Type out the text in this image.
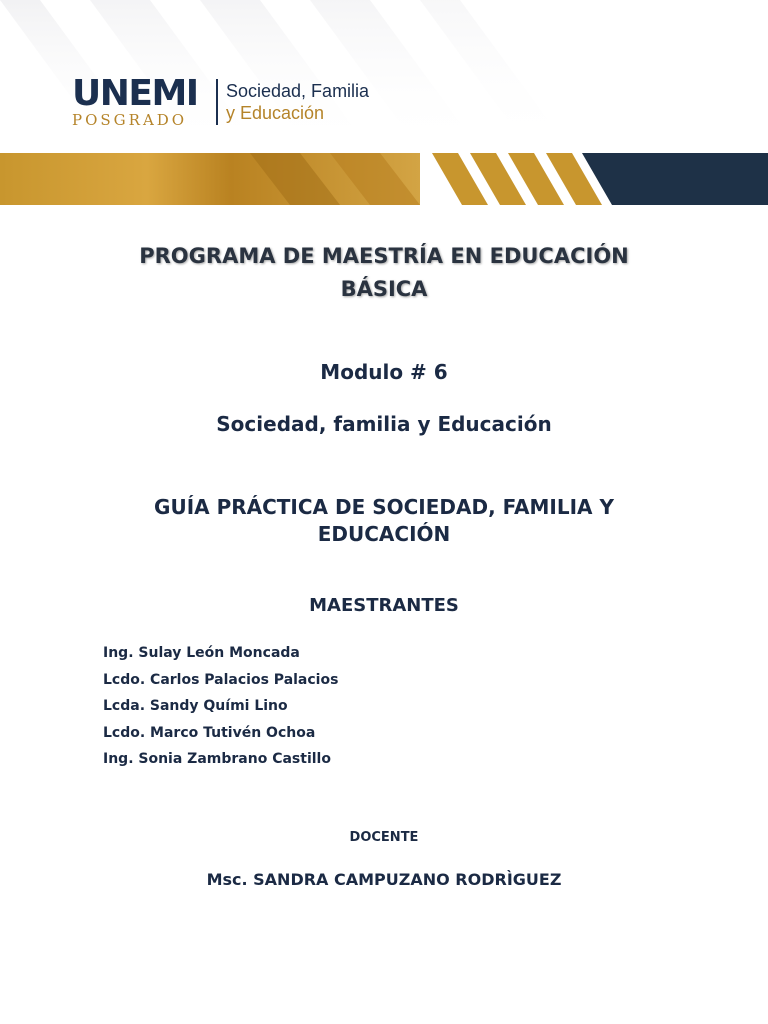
UNEMI
POSGRADO
Sociedad, Familia
y Educación
PROGRAMA DE MAESTRÍA EN EDUCACIÓN
BÁSICA
Modulo # 6
Sociedad, familia y Educación
GUÍA PRÁCTICA DE SOCIEDAD, FAMILIA Y
EDUCACIÓN
MAESTRANTES
Ing. Sulay León Moncada
Lcdo. Carlos Palacios Palacios
Lcda. Sandy Quími Lino
Lcdo. Marco Tutivén Ochoa
Ing. Sonia Zambrano Castillo
DOCENTE
Msc. SANDRA CAMPUZANO RODRÌGUEZ
